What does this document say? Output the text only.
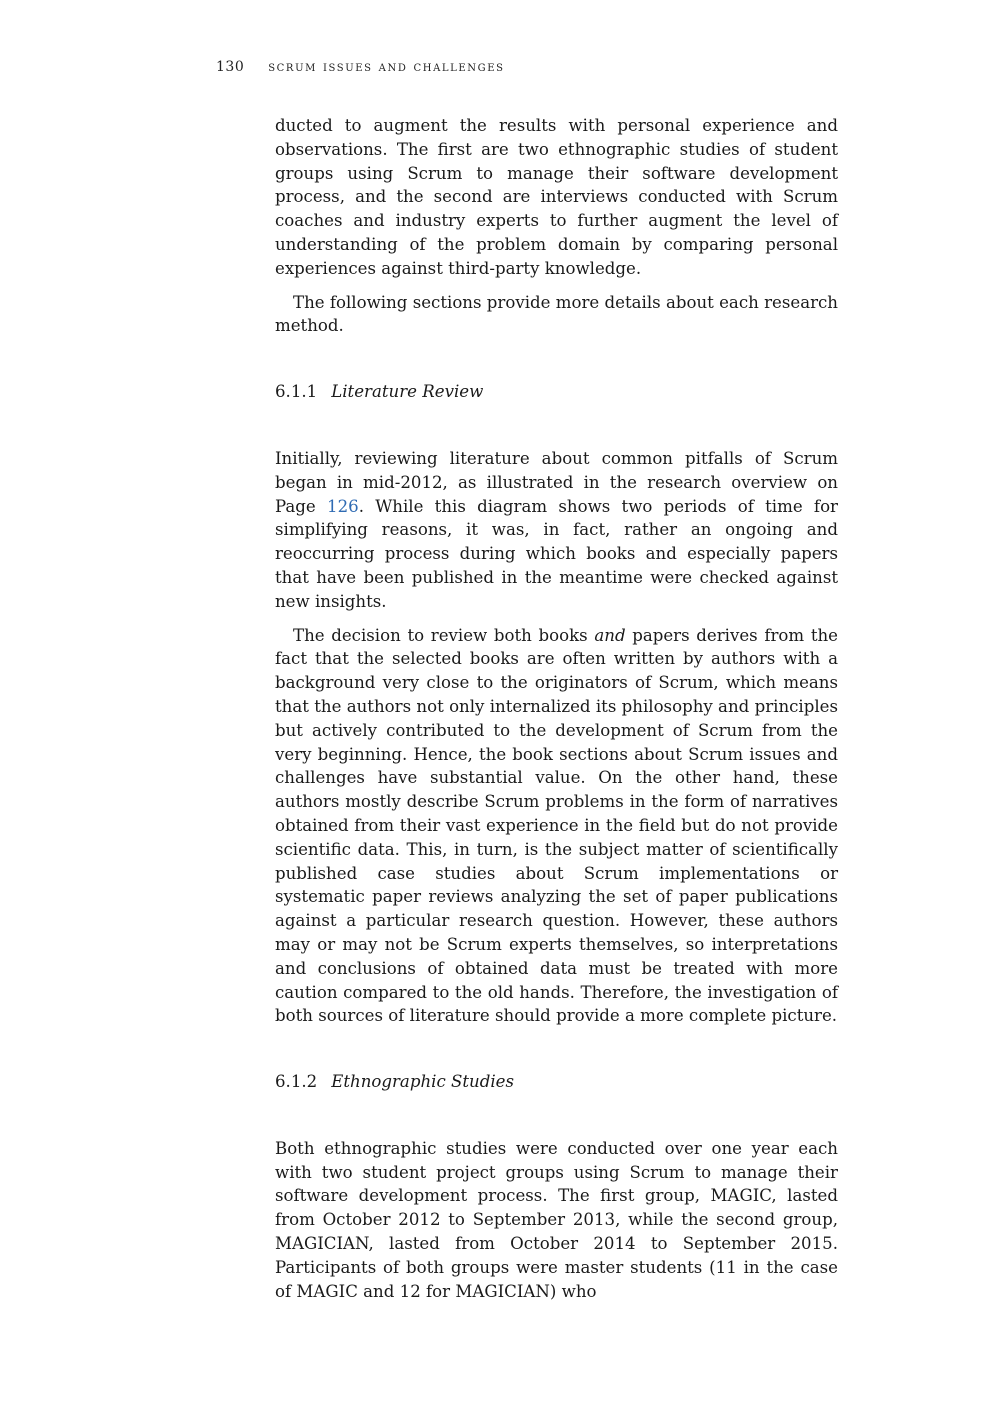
130 scrum issues and challenges

ducted to augment the results with personal experience and observations. The first are two ethnographic studies of student groups using Scrum to manage their software development process, and the second are interviews conducted with Scrum coaches and industry experts to further augment the level of understanding of the problem domain by comparing personal experiences against third-party knowledge.

The following sections provide more details about each research method.

6.1.1 Literature Review

Initially, reviewing literature about common pitfalls of Scrum began in mid-2012, as illustrated in the research overview on Page 126. While this diagram shows two periods of time for simplifying reasons, it was, in fact, rather an ongoing and reoccurring process during which books and especially papers that have been published in the meantime were checked against new insights.

The decision to review both books and papers derives from the fact that the selected books are often written by authors with a background very close to the originators of Scrum, which means that the authors not only internalized its philosophy and principles but actively contributed to the development of Scrum from the very beginning. Hence, the book sections about Scrum issues and challenges have substantial value. On the other hand, these authors mostly describe Scrum problems in the form of narratives obtained from their vast experience in the field but do not provide scientific data. This, in turn, is the subject matter of scientifically published case studies about Scrum implementations or systematic paper reviews analyzing the set of paper publications against a particular research question. However, these authors may or may not be Scrum experts themselves, so interpretations and conclusions of obtained data must be treated with more caution compared to the old hands. Therefore, the investigation of both sources of literature should provide a more complete picture.

6.1.2 Ethnographic Studies

Both ethnographic studies were conducted over one year each with two student project groups using Scrum to manage their software development process. The first group, MAGIC, lasted from October 2012 to September 2013, while the second group, MAGICIAN, lasted from October 2014 to September 2015. Participants of both groups were master students (11 in the case of MAGIC and 12 for MAGICIAN) who
